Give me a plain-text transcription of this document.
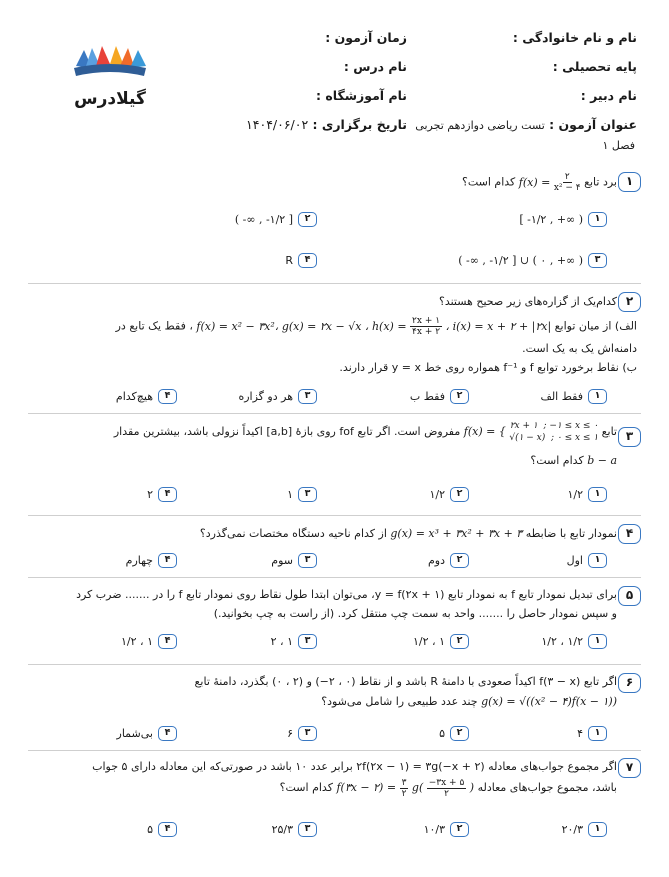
نام و نام خانوادگی :
زمان آزمون :
پایه تحصیلی :
نام درس :
نام دبیر :
نام آموزشگاه :
عنوان آزمون : تست ریاضی دوازدهم تجربی
تاریخ برگزاری : ۱۴۰۴/۰۶/۰۲
فصل ۱
گیلادرس
۱
برد تابع $f(x) = \frac{۲}{\text{x² − ۴}}$
کدام است؟
۱
[ -۱/۲ , +∞ )
۲
( -∞ , -۱/۲ ]
۳
( -∞ , -۱/۲ ] ∪ ( ۰ , +∞ )
۴
R
۲
کدام‌یک از گزاره‌های زیر صحیح هستند؟
الف) از میان توابع f(x) = x² − ۳x²، g(x) = ۲x − √x ، $h(x) = \frac{۲x + ۱}{۴x + ۲}$ ، i(x) = x + ۲ + |۲x| ، فقط یک تابع در
دامنه‌اش یک به یک است.
ب) نقاط برخورد توابع f و f⁻¹ همواره روی خط y = x قرار دارند.
۱
فقط الف
۲
فقط ب
۳
هر دو گزاره
۴
هیچ‌کدام
۳
تابع f(x) = { ۲x + ۱  ; −۱ ≤ x ≤ ۰
√(۱ − x)  ; ۰ ≤ x ≤ ۱ مفروض است. اگر تابع fof روی بازهٔ [a,b] اکیداً نزولی باشد، بیشترین مقدار
b − a کدام است؟
۱
۱/۲
۲
۱/۲
۳
۱
۴
۲
۴
نمودار تابع با ضابطه g(x) = x³ + ۳x² + ۳x + ۳ از کدام ناحیه دستگاه مختصات نمی‌گذرد؟
۱
اول
۲
دوم
۳
سوم
۴
چهارم
۵
برای تبدیل نمودار تابع f به نمودار تابع y = f(۲x + ۱)، می‌توان ابتدا طول نقاط روی نمودار تابع f را در ....... ضرب کرد
و سپس نمودار حاصل را ....... واحد به سمت چپ منتقل کرد. (از راست به چپ بخوانید.)
۱
۱/۲ ، ۱/۲
۲
۱ ، ۱/۲
۳
۱ ، ۲
۴
۱ ، ۱/۲
۶
اگر تابع f(۳ − x) اکیداً صعودی با دامنهٔ R باشد و از نقاط (۰ ، ۲−) و (۲ ، ۰) بگذرد، دامنهٔ تابع
g(x) = √((x² − ۴)f(x − ۱)) چند عدد طبیعی را شامل می‌شود؟
۱
۴
۲
۵
۳
۶
۴
بی‌شمار
۷
اگر مجموع جواب‌های معادله ۲f(۲x − ۱) = ۳g(−x + ۲) برابر عدد ۱۰ باشد در صورتی‌که این معادله دارای ۵ جواب
باشد، مجموع جواب‌های معادله f(۳x − ۲) = $\frac{۳}{۲} g( \frac{-۳x + ۵}{۲}$ ) کدام است؟
۱
۲۰/۳
۲
۱۰/۳
۳
۲۵/۳
۴
۵
